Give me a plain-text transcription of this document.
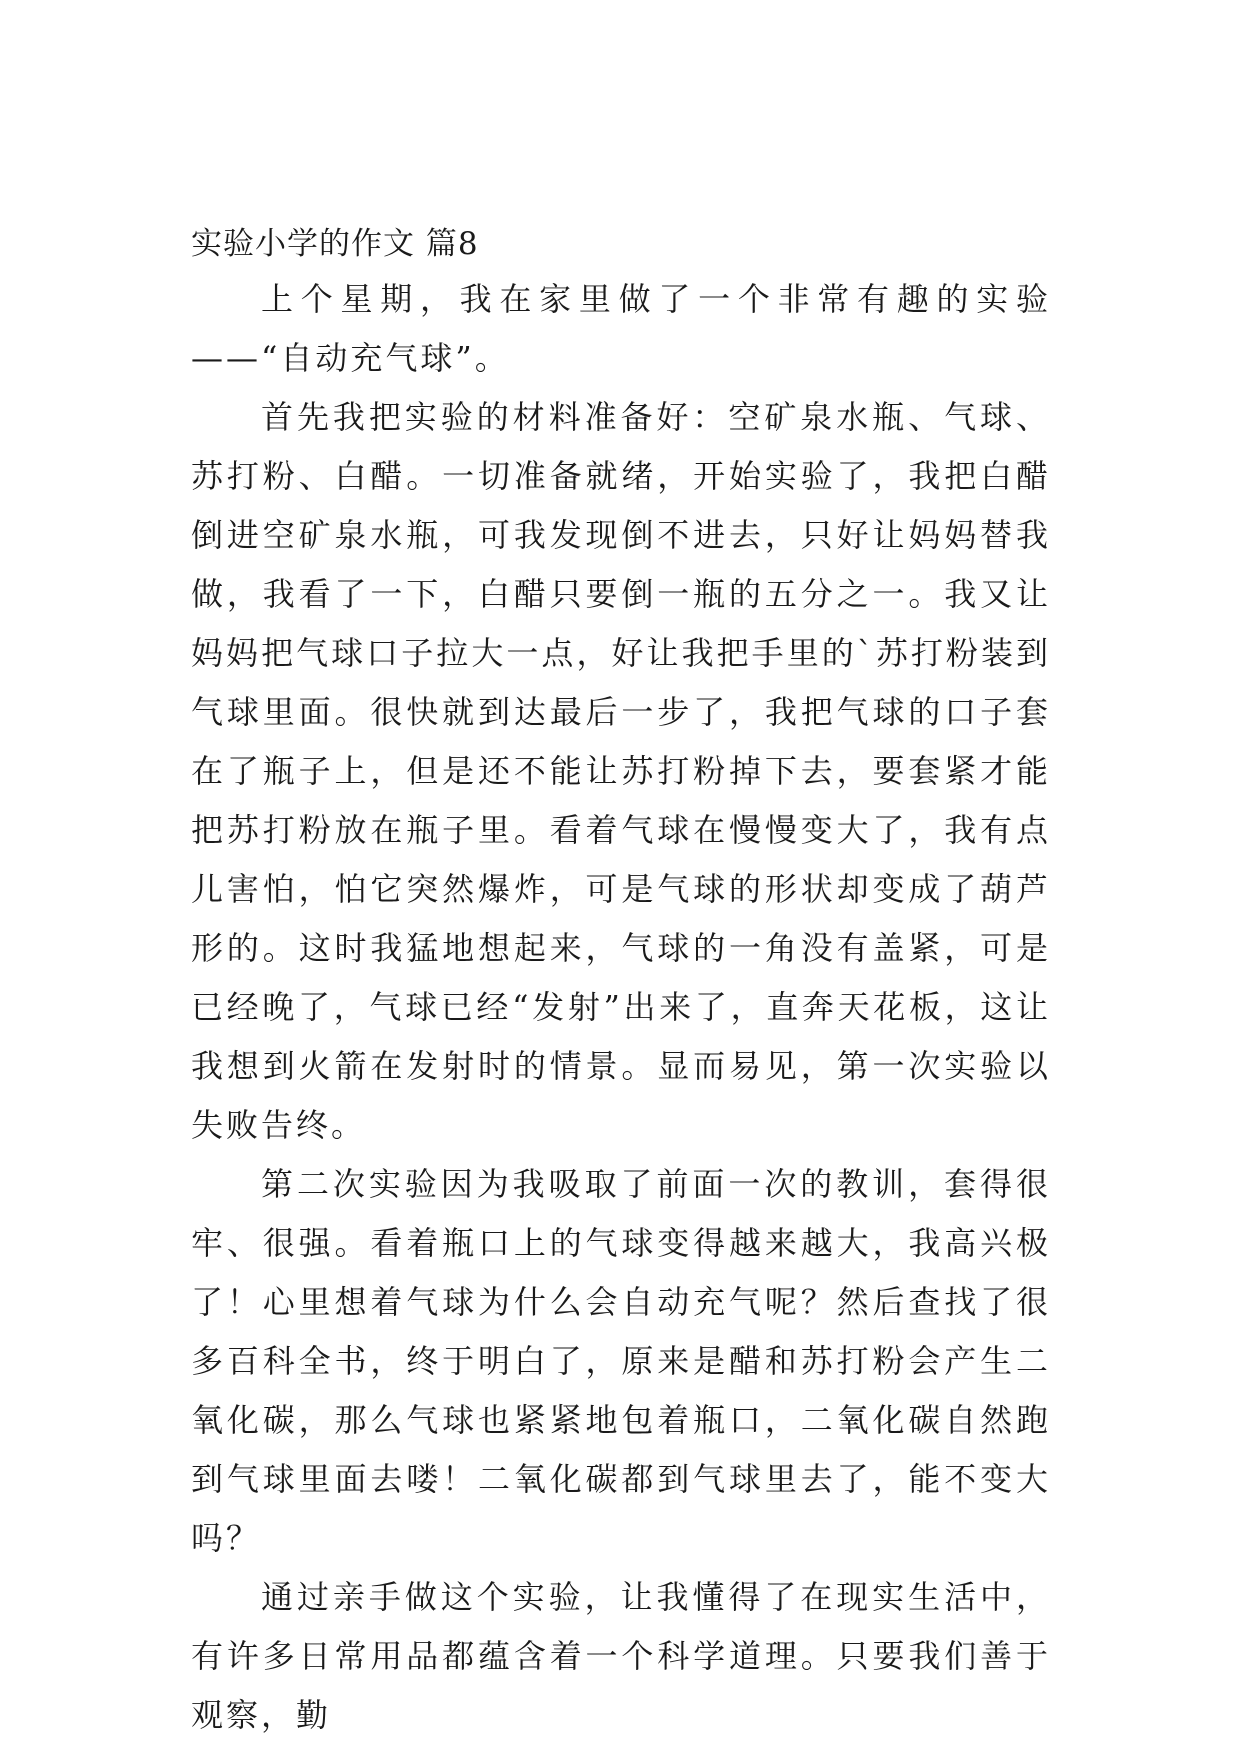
实验小学的作文 篇8

上个星期，我在家里做了一个非常有趣的实验——“自动充气球”。

首先我把实验的材料准备好：空矿泉水瓶、气球、苏打粉、白醋。一切准备就绪，开始实验了，我把白醋倒进空矿泉水瓶，可我发现倒不进去，只好让妈妈替我做，我看了一下，白醋只要倒一瓶的五分之一。我又让妈妈把气球口子拉大一点，好让我把手里的`苏打粉装到气球里面。很快就到达最后一步了，我把气球的口子套在了瓶子上，但是还不能让苏打粉掉下去，要套紧才能把苏打粉放在瓶子里。看着气球在慢慢变大了，我有点儿害怕，怕它突然爆炸，可是气球的形状却变成了葫芦形的。这时我猛地想起来，气球的一角没有盖紧，可是已经晚了，气球已经“发射”出来了，直奔天花板，这让我想到火箭在发射时的情景。显而易见，第一次实验以失败告终。

第二次实验因为我吸取了前面一次的教训，套得很牢、很强。看着瓶口上的气球变得越来越大，我高兴极了！心里想着气球为什么会自动充气呢？然后查找了很多百科全书，终于明白了，原来是醋和苏打粉会产生二氧化碳，那么气球也紧紧地包着瓶口，二氧化碳自然跑到气球里面去喽！二氧化碳都到气球里去了，能不变大吗？

通过亲手做这个实验，让我懂得了在现实生活中，有许多日常用品都蕴含着一个科学道理。只要我们善于观察，勤
